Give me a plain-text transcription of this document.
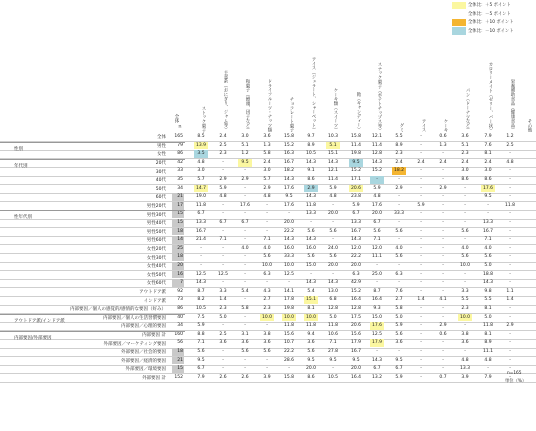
全体比：＋5 ポイント
全体比：－5 ポイント
全体比：＋10 ポイント
全体比：－10 ポイント
全体
ｎ	ストック菓子	主食系（おにぎり、ジャム等）	和菓子（饅頭、団子など）	ドライフルーツ・ナッツ類	チョコレート菓子	アイス（ジェラート、シャーベット）	ケーキ類（スイーツ）	飴（キャンディー）	スナック菓子（ポテトチップス等）	グミ	アイス	ケーキ	パン（ドーナツなど）	カロリーメイト（ゼリー、バー状）	栄養補助食品（健康食品）	その他
全体	165	8.5	2.4	3.0	3.6	15.8	9.7	10.3	15.8	12.1	5.5	-	0.6	3.6	7.9	1.2
男性	79	13.9	2.5	5.1	1.3	15.2	8.9	5.1	11.4	11.4	8.9	-	1.3	5.1	7.6	2.5
女性	86	3.5	2.3	1.2	5.8	16.3	10.5	15.1	19.8	12.8	2.3	-	-	2.3	8.1	-
20代	42	4.8	-	9.5	2.4	16.7	14.3	14.3	9.5	14.3	2.4	2.4	2.4	2.4	2.4	4.8
30代	33	3.0	-	-	3.0	18.2	9.1	12.1	15.2	15.2	18.2	-	-	3.0	3.0	-
40代	35	5.7	2.9	2.9	5.7	14.3	8.6	11.4	17.1	-	-	-	-	8.6	8.6	-
50代	34	14.7	5.9	-	2.9	17.6	2.9	5.9	20.6	5.9	2.9	-	2.9	-	17.6	-
60代	21	19.0	4.8	-	4.8	9.5	14.3	4.8	23.8	4.8	-	-	-	-	9.5	-
男性20代	17	11.8	-	17.6	-	17.6	11.8	-	5.9	17.6	-	5.9	-	-	-	11.8
男性30代	15	6.7	-	-	-	-	13.3	20.0	6.7	20.0	33.3	-	-	-	-	-
男性40代	15	13.3	6.7	6.7	-	20.0	-	-	13.3	6.7	-	-	-	-	13.3	-
男性50代	18	16.7	-	-	-	22.2	5.6	5.6	16.7	5.6	5.6	-	-	5.6	16.7	-
男性60代	14	21.4	7.1	-	7.1	14.3	14.3	-	14.3	7.1	-	-	-	-	7.1	-
女性20代	25	-	-	4.0	4.0	16.0	16.0	24.0	12.0	12.0	4.0	-	-	4.0	4.0	-
女性30代	18	-	-	-	5.6	33.3	5.6	5.6	22.2	11.1	5.6	-	-	5.6	5.6	-
女性40代	20	-	-	-	10.0	10.0	15.0	20.0	20.0	-	-	-	-	10.0	5.0	-
女性50代	16	12.5	12.5	-	6.3	12.5	-	-	6.3	25.0	6.3	-	-	-	18.8	-
女性60代	7	14.3	-	-	-	-	14.3	14.3	42.9	-	-	-	-	-	14.3	-
アウトドア派	92	8.7	3.3	5.4	4.3	14.1	5.4	13.0	15.2	8.7	7.6	-	-	3.3	9.8	1.1
インドア派	73	8.2	1.4	-	2.7	17.8	15.1	6.8	16.4	16.4	2.7	1.4	4.1	5.5	5.5	1.4
内部要因／個人の感覚的/感情的な要因（好み）	86	10.5	2.3	5.8	2.3	19.8	8.1	12.8	12.8	9.3	5.8	-	-	2.3	8.1	-
内部要因／個人の生活習慣要因	40	7.5	5.0	-	10.0	10.0	10.0	5.0	17.5	15.0	5.0	-	-	10.0	5.0	-
内部要因／心理的要因	34	5.9	-	-	-	11.8	11.8	11.8	20.6	17.6	5.9	-	2.9	-	11.8	2.9
内部要因 計	160	8.8	2.5	3.1	3.8	15.6	9.4	10.6	15.6	12.5	5.6	-	0.6	3.8	8.1	-
外部要因／マーケティング要因	56	7.1	3.6	3.6	3.6	10.7	3.6	7.1	17.9	17.9	3.6	-	-	3.6	8.9	-
外部要因／社会的要因	18	5.6	-	5.6	5.6	22.2	5.6	27.8	16.7	-	-	-	-	-	11.1	-
外部要因／経済的要因	21	9.5	-	-	-	28.6	9.5	9.5	9.5	14.3	9.5	-	-	4.8	4.8	-
外部要因／環境要因	15	6.7	-	-	-	-	20.0	-	20.0	6.7	6.7	-	-	13.3	-	-
外部要因 計	152	7.9	2.6	2.6	3.9	15.8	8.6	10.5	16.4	13.2	5.9	-	0.7	3.9	7.9	-
性別
年代別
性年代別
アウトドア派/インドア派
内部要因/外部要因
n=165
単位（%）
